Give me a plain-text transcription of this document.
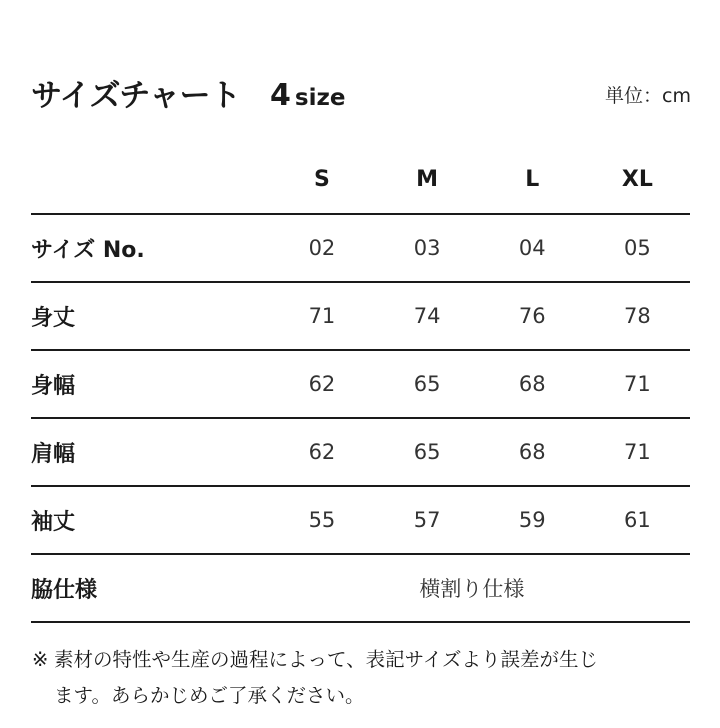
サイズチャート 4 size	単位：cm
	S	M	L	XL
サイズ No.	02	03	04	05
身丈	71	74	76	78
身幅	62	65	68	71
肩幅	62	65	68	71
袖丈	55	57	59	61
脇仕様	横割り仕様			
※ 素材の特性や生産の過程によって、表記サイズより誤差が生じ
ます。あらかじめご了承ください。
